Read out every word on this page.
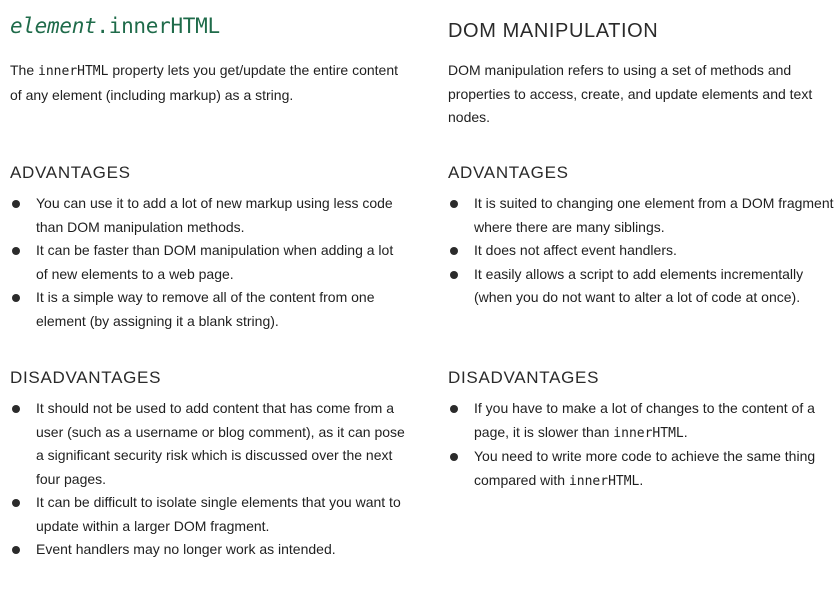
element.innerHTML

The innerHTML property lets you get/update the entire content of any element (including markup) as a string.

ADVANTAGES
You can use it to add a lot of new markup using less code than DOM manipulation methods.
It can be faster than DOM manipulation when adding a lot of new elements to a web page.
It is a simple way to remove all of the content from one element (by assigning it a blank string).
DISADVANTAGES
It should not be used to add content that has come from a user (such as a username or blog comment), as it can pose a significant security risk which is discussed over the next four pages.
It can be difficult to isolate single elements that you want to update within a larger DOM fragment.
Event handlers may no longer work as intended.
DOM MANIPULATION

DOM manipulation refers to using a set of methods and properties to access, create, and update elements and text nodes.

ADVANTAGES
It is suited to changing one element from a DOM fragment where there are many siblings.
It does not affect event handlers.
It easily allows a script to add elements incrementally (when you do not want to alter a lot of code at once).
DISADVANTAGES
If you have to make a lot of changes to the content of a page, it is slower than innerHTML.
You need to write more code to achieve the same thing compared with innerHTML.
